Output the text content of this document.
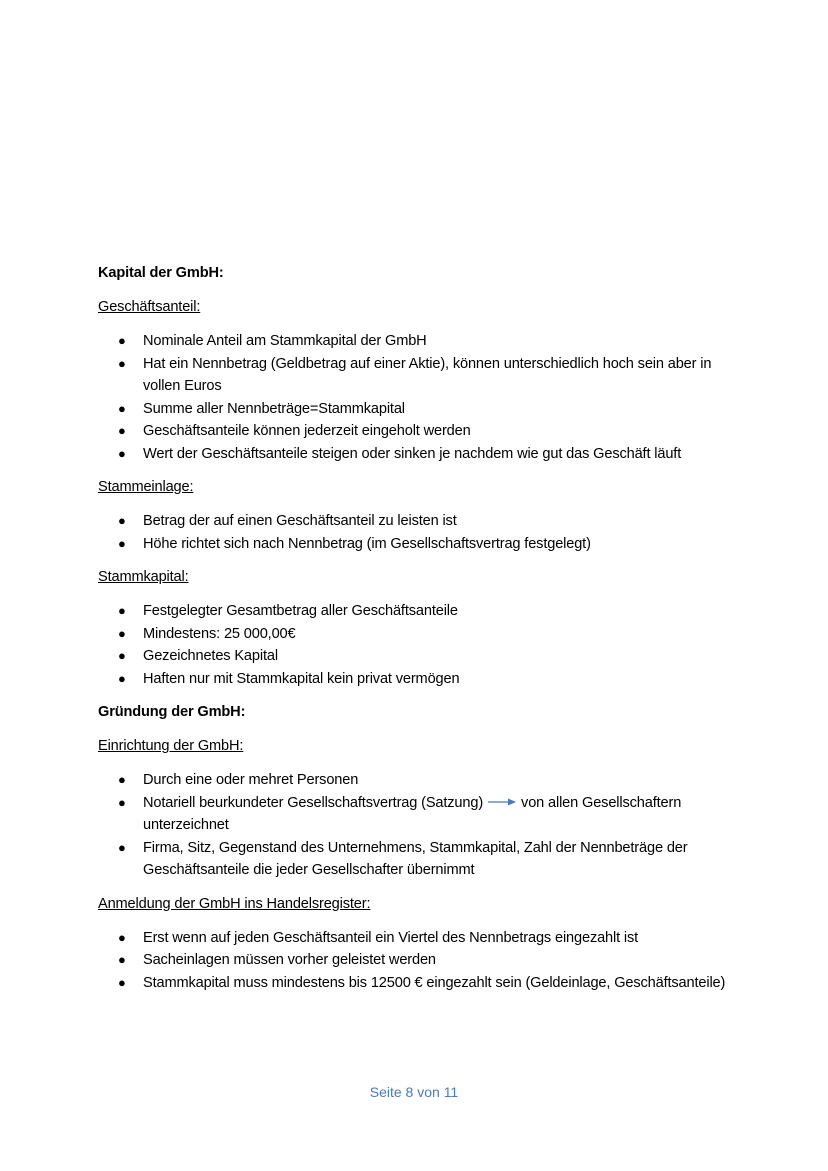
Kapital der GmbH:

Geschäftsanteil:

● Nominale Anteil am Stammkapital der GmbH
● Hat ein Nennbetrag (Geldbetrag auf einer Aktie), können unterschiedlich hoch sein aber in vollen Euros
● Summe aller Nennbeträge=Stammkapital
● Geschäftsanteile können jederzeit eingeholt werden
● Wert der Geschäftsanteile steigen oder sinken je nachdem wie gut das Geschäft läuft

Stammeinlage:

● Betrag der auf einen Geschäftsanteil zu leisten ist
● Höhe richtet sich nach Nennbetrag (im Gesellschaftsvertrag festgelegt)

Stammkapital:

● Festgelegter Gesamtbetrag aller Geschäftsanteile
● Mindestens: 25 000,00€
● Gezeichnetes Kapital
● Haften nur mit Stammkapital kein privat vermögen

Gründung der GmbH:

Einrichtung der GmbH:

● Durch eine oder mehret Personen
● Notariell beurkundeter Gesellschaftsvertrag (Satzung)	von allen Gesellschaftern unterzeichnet
● Firma, Sitz, Gegenstand des Unternehmens, Stammkapital, Zahl der Nennbeträge der Geschäftsanteile die jeder Gesellschafter übernimmt

Anmeldung der GmbH ins Handelsregister:

● Erst wenn auf jeden Geschäftsanteil ein Viertel des Nennbetrags eingezahlt ist
● Sacheinlagen müssen vorher geleistet werden
● Stammkapital muss mindestens bis 12500 € eingezahlt sein (Geldeinlage, Geschäftsanteile)
Seite 8 von 11
